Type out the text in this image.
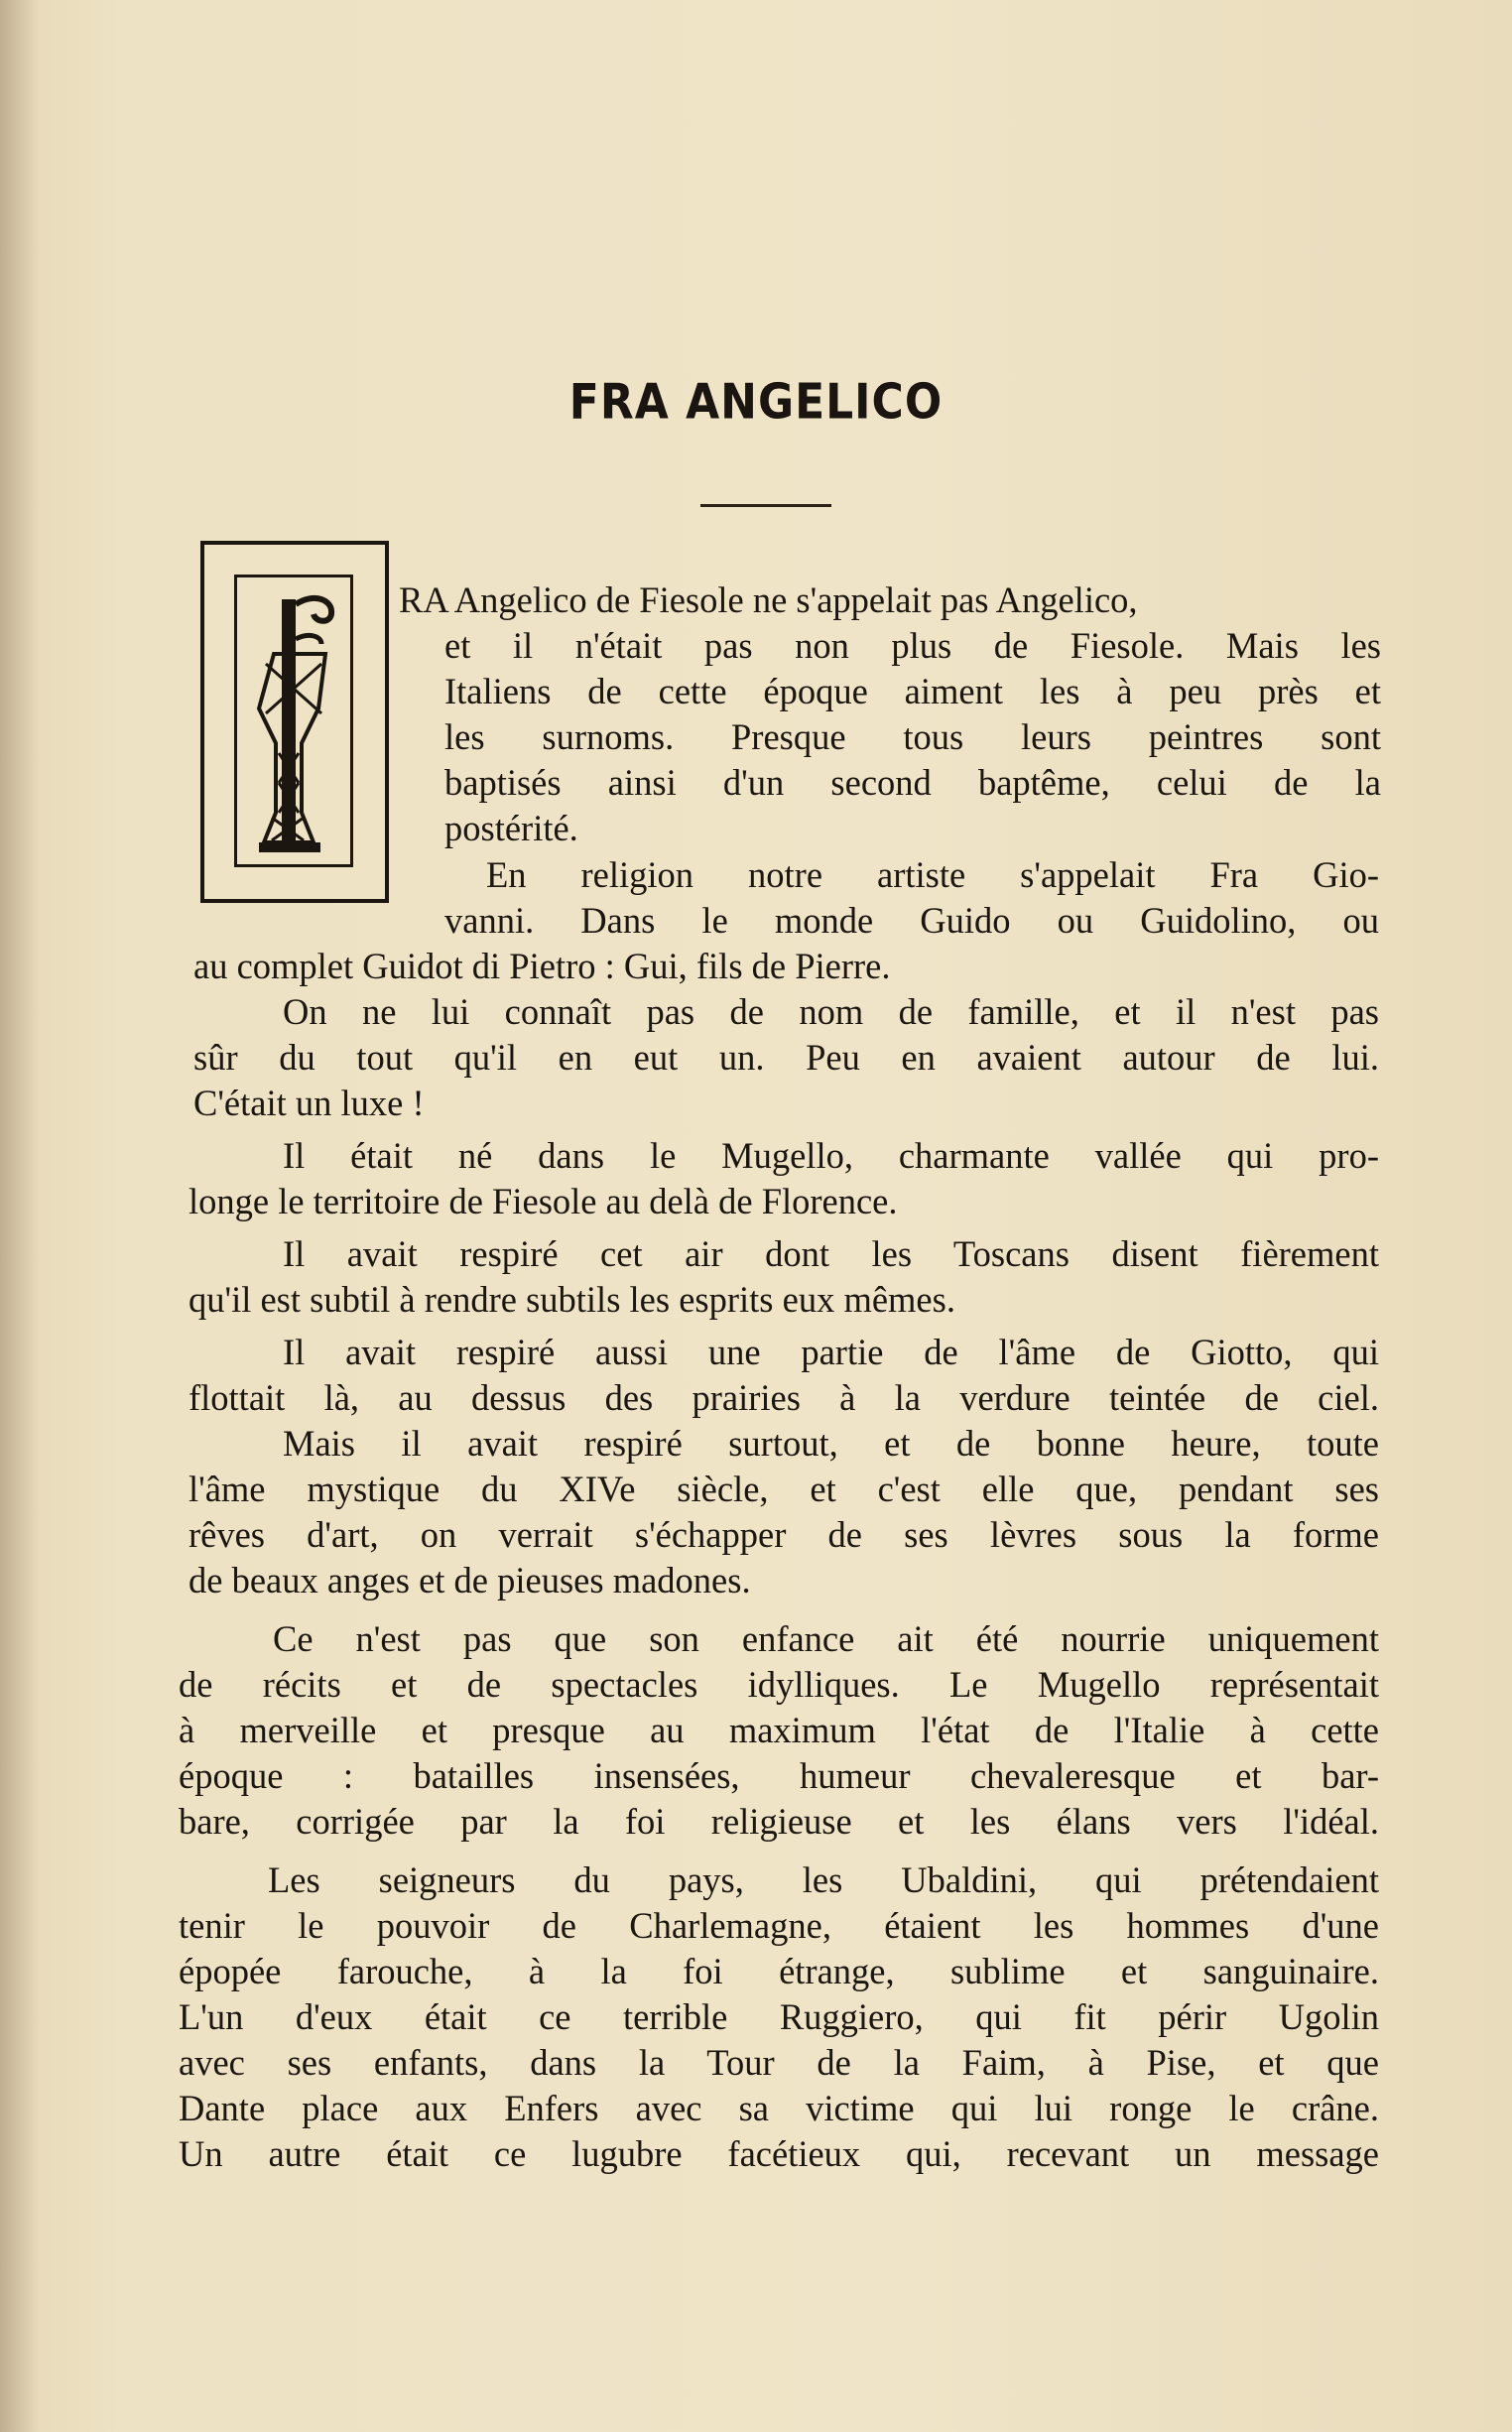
FRA ANGELICO
RA Angelico de Fiesole ne s'appelait pas Angelico,
et il n'était pas non plus de Fiesole. Mais les
Italiens de cette époque aiment les à peu près et
les surnoms. Presque tous leurs peintres sont
baptisés ainsi d'un second baptême, celui de la
postérité.
En religion notre artiste s'appelait Fra Gio-
vanni. Dans le monde Guido ou Guidolino, ou
au complet Guidot di Pietro : Gui, fils de Pierre.
On ne lui connaît pas de nom de famille, et il n'est pas
sûr du tout qu'il en eut un. Peu en avaient autour de lui.
C'était un luxe !
Il était né dans le Mugello, charmante vallée qui pro-
longe le territoire de Fiesole au delà de Florence.
Il avait respiré cet air dont les Toscans disent fièrement
qu'il est subtil à rendre subtils les esprits eux mêmes.
Il avait respiré aussi une partie de l'âme de Giotto, qui
flottait là, au dessus des prairies à la verdure teintée de ciel.
Mais il avait respiré surtout, et de bonne heure, toute
l'âme mystique du XIVe siècle, et c'est elle que, pendant ses
rêves d'art, on verrait s'échapper de ses lèvres sous la forme
de beaux anges et de pieuses madones.
Ce n'est pas que son enfance ait été nourrie uniquement
de récits et de spectacles idylliques. Le Mugello représentait
à merveille et presque au maximum l'état de l'Italie à cette
époque : batailles insensées, humeur chevaleresque et bar-
bare, corrigée par la foi religieuse et les élans vers l'idéal.
Les seigneurs du pays, les Ubaldini, qui prétendaient
tenir le pouvoir de Charlemagne, étaient les hommes d'une
épopée farouche, à la foi étrange, sublime et sanguinaire.
L'un d'eux était ce terrible Ruggiero, qui fit périr Ugolin
avec ses enfants, dans la Tour de la Faim, à Pise, et que
Dante place aux Enfers avec sa victime qui lui ronge le crâne.
Un autre était ce lugubre facétieux qui, recevant un message
